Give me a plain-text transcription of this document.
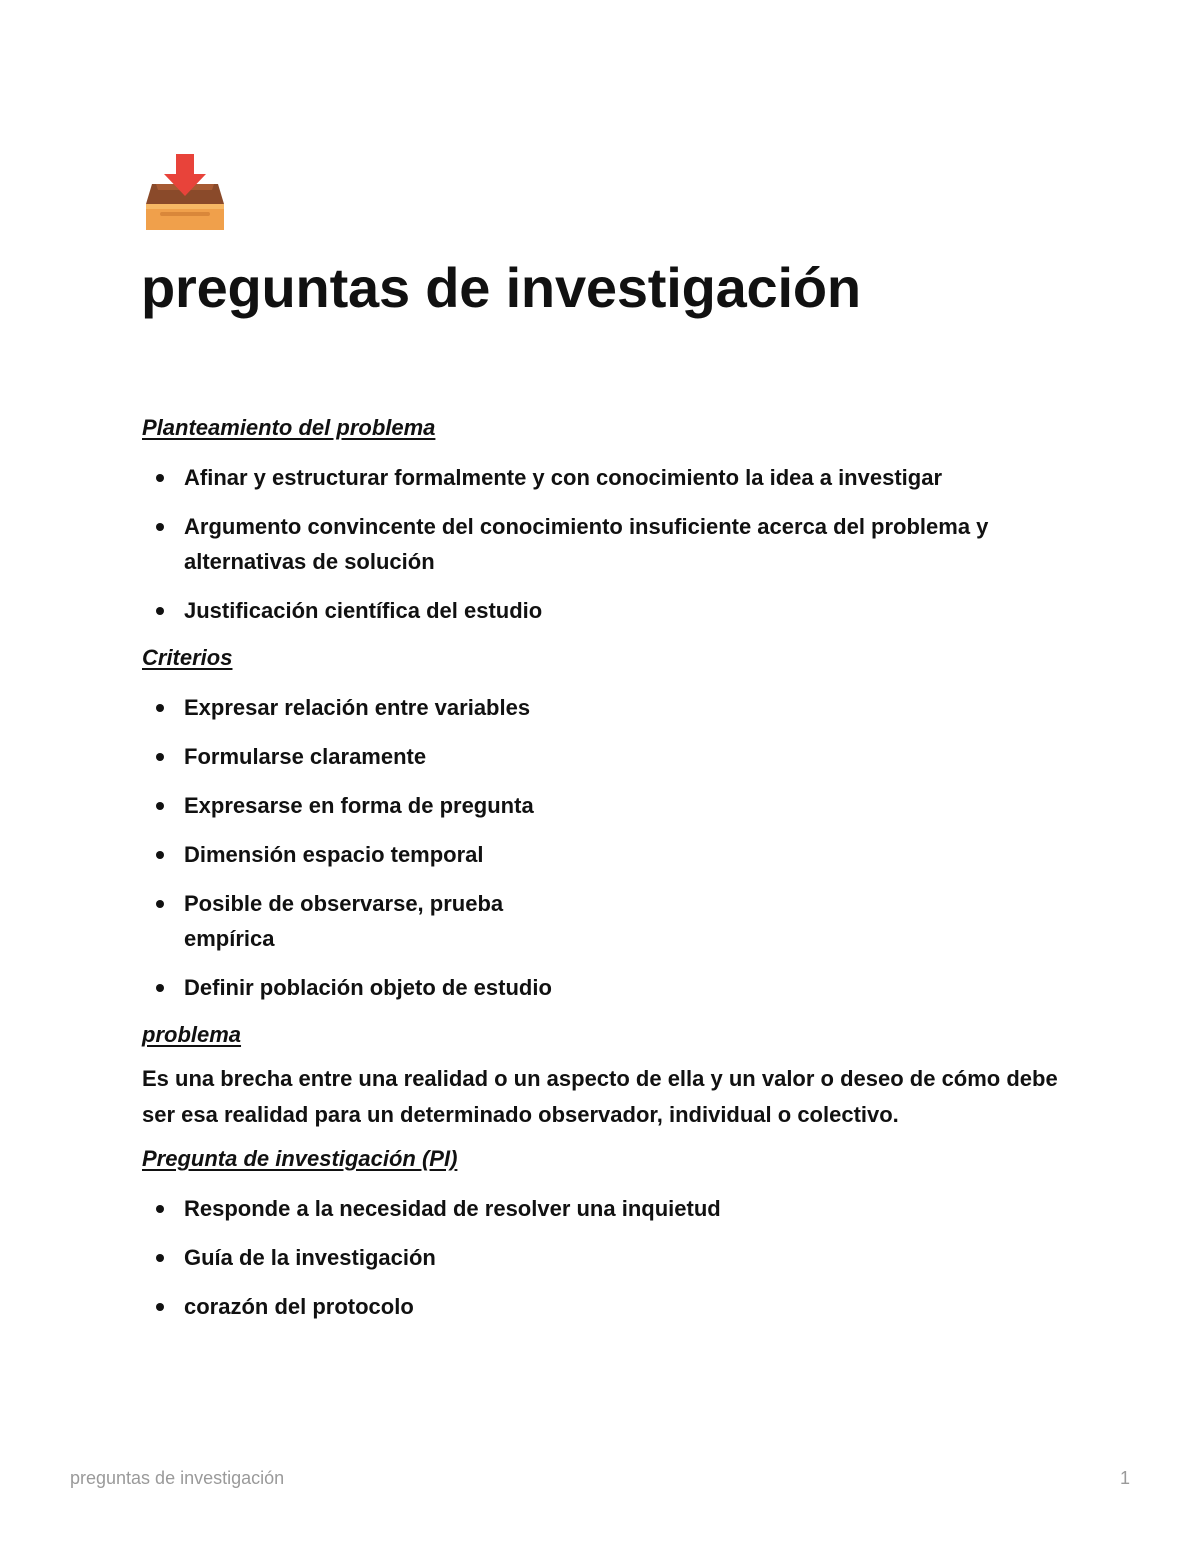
preguntas de investigación
Planteamiento del problema
Afinar y estructurar formalmente y con conocimiento la idea a investigar
Argumento convincente del conocimiento insuficiente acerca del problema y alternativas de solución
Justificación científica del estudio
Criterios
Expresar relación entre variables
Formularse claramente
Expresarse en forma de pregunta
Dimensión espacio temporal
Posible de observarse, prueba empírica
Definir población objeto de estudio
problema

Es una brecha entre una realidad o un aspecto de ella y un valor o deseo de cómo debe ser esa realidad para un determinado observador, individual o colectivo.

Pregunta de investigación (PI)
Responde a la necesidad de resolver una inquietud
Guía de la investigación
corazón del protocolo
preguntas de investigación	1
